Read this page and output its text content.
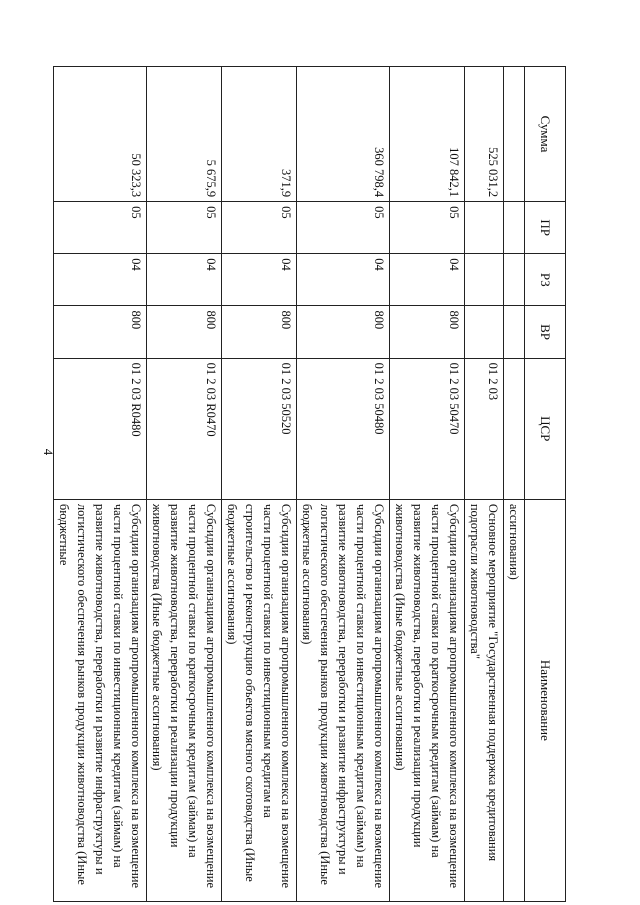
4
Сумма	ПР	РЗ	ВР	ЦСР	Наименование
					ассигнования)
525 031,2				01 2 03	Основное мероприятие "Государственная поддержка кредитования подотрасли животноводства"
107 842,1	05	04	800	01 2 03 50470	Субсидии организациям агропромышленного комплекса на возмещение части процентной ставки по краткосрочным кредитам (займам) на развитие животноводства, переработки и реализации продукции животноводства (Иные бюджетные ассигнования)
360 798,4	05	04	800	01 2 03 50480	Субсидии организациям агропромышленного комплекса на возмещение части процентной ставки по инвестиционным кредитам (займам) на развитие животноводства, переработки и развитие инфраструктуры и логистического обеспечения рынков продукции животноводства (Иные бюджетные ассигнования)
371,9	05	04	800	01 2 03 50520	Субсидии организациям агропромышленного комплекса на возмещение части процентной ставки по инвестиционным кредитам на строительство и реконструкцию объектов мясного скотоводства (Иные бюджетные ассигнования)
5 675,9	05	04	800	01 2 03 R0470	Субсидии организациям агропромышленного комплекса на возмещение части процентной ставки по краткосрочным кредитам (займам) на развитие животноводства, переработки и реализации продукции животноводства (Иные бюджетные ассигнования)
50 323,3	05	04	800	01 2 03 R0480	Субсидии организациям агропромышленного комплекса на возмещение части процентной ставки по инвестиционным кредитам (займам) на развитие животноводства, переработки и развитие инфраструктуры и логистического обеспечения рынков продукции животноводства (Иные бюджетные
